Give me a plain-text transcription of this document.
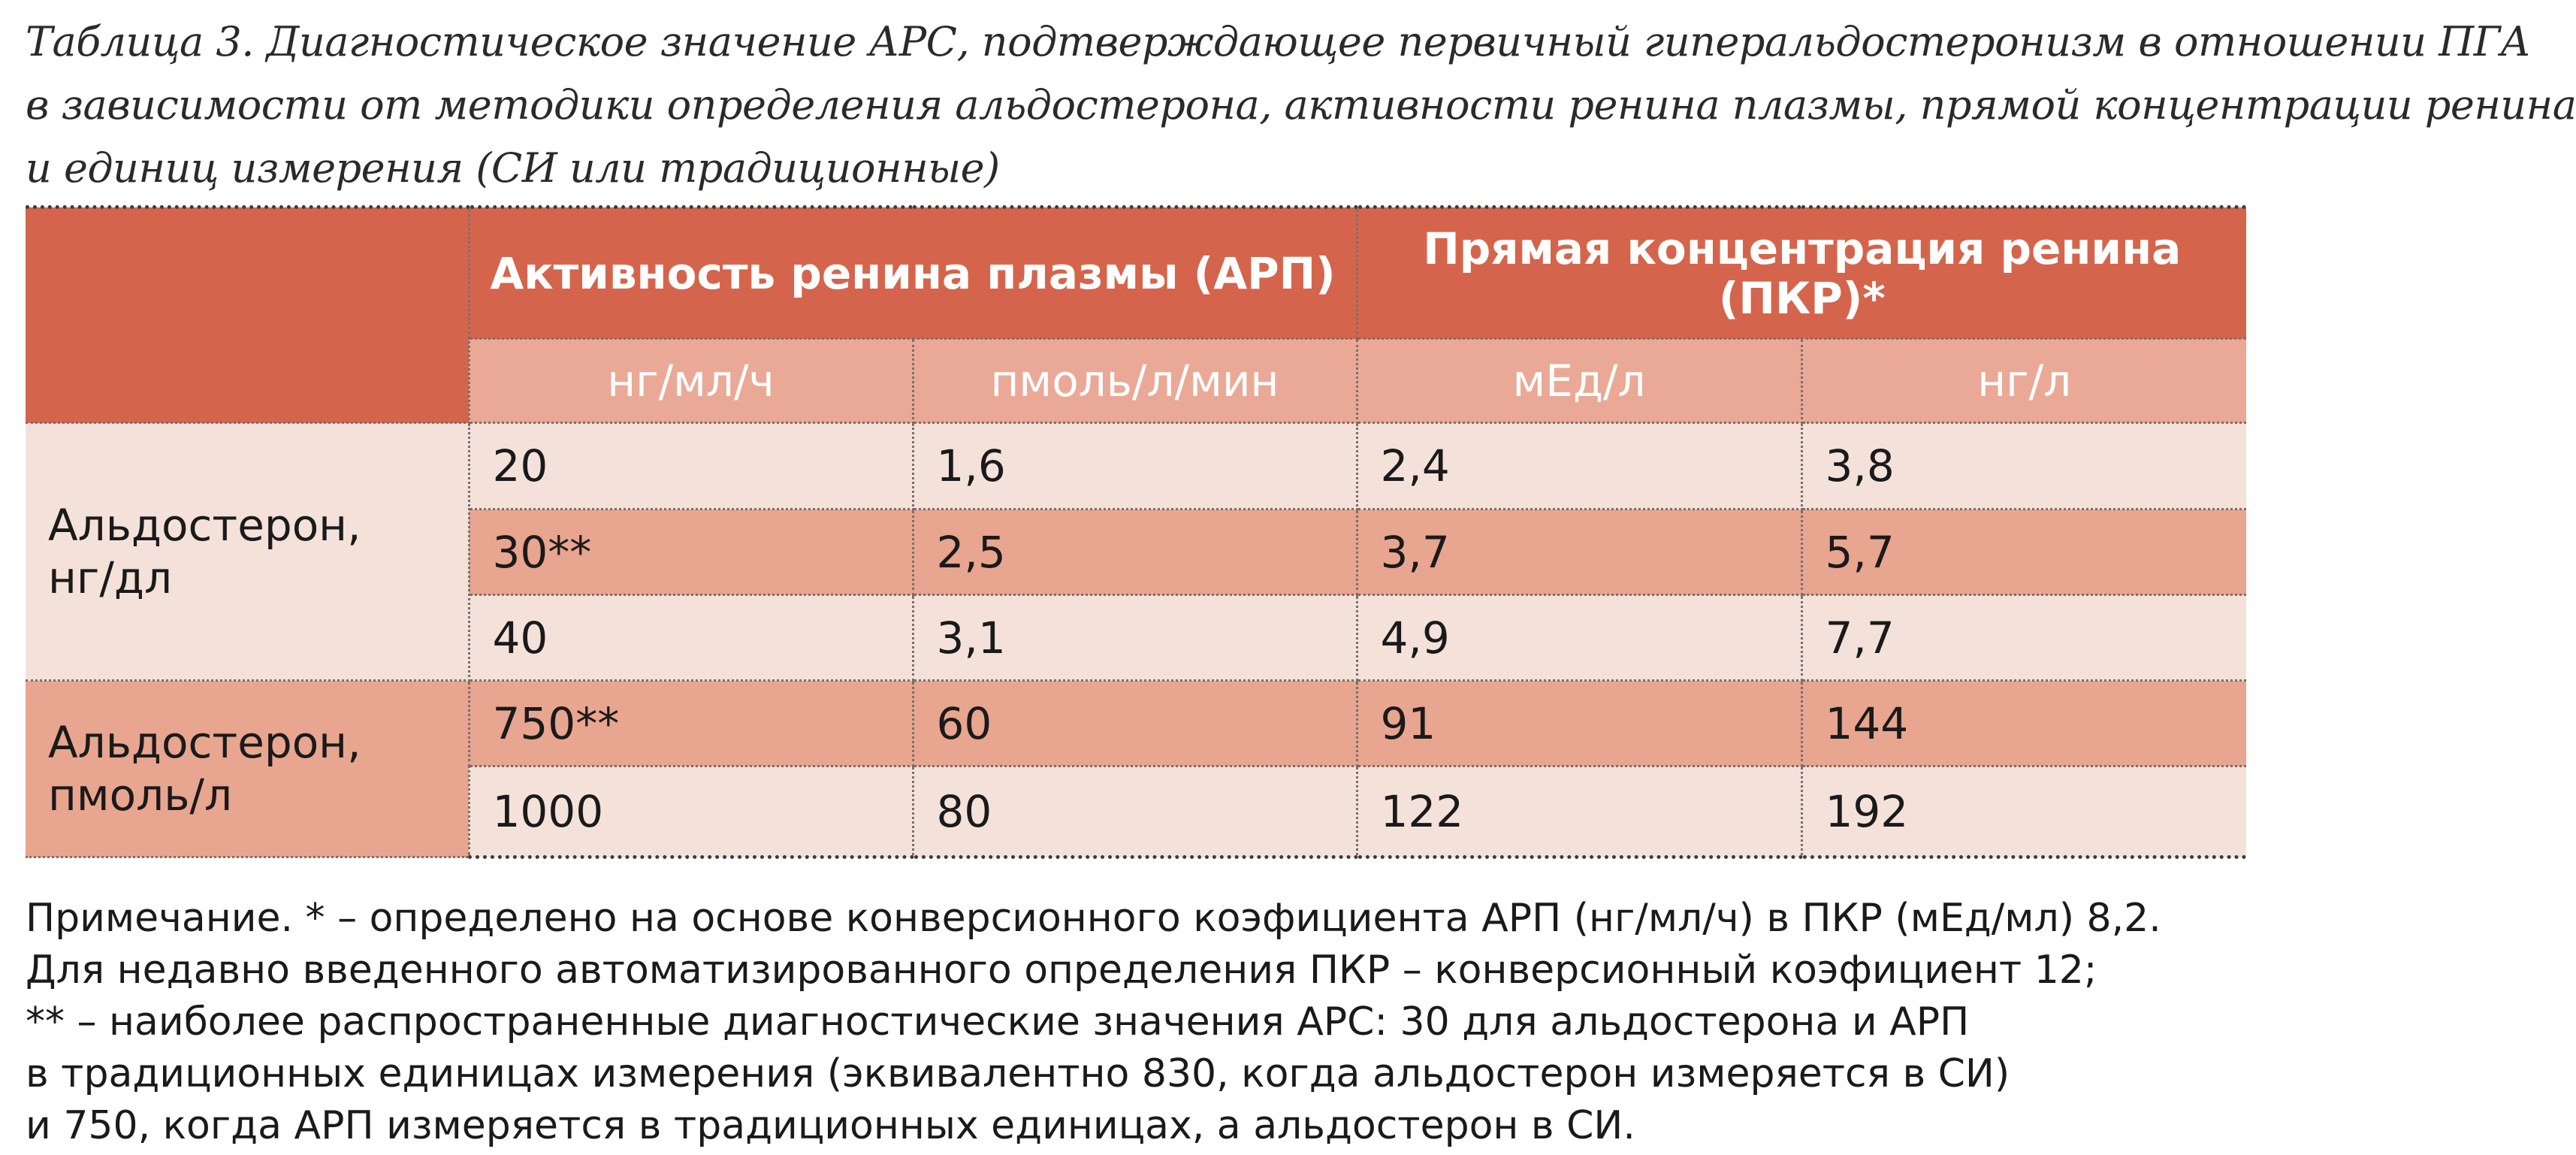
Таблица 3. Диагностическое значение АРС, подтверждающее первичный гиперальдостеронизм в отношении ПГА
в зависимости от методики определения альдостерона, активности ренина плазмы, прямой концентрации ренина
и единиц измерения (СИ или традиционные)
	Активность ренина плазмы (АРП)		Прямая концентрация ренина
(ПКР)*	
	нг/мл/ч	пмоль/л/мин	мЕд/л	нг/л
Альдостерон,
нг/дл	20	1,6	2,4	3,8
	30**	2,5	3,7	5,7
	40	3,1	4,9	7,7
Альдостерон,
пмоль/л	750**	60	91	144
	1000	80	122	192
Примечание. * – определено на основе конверсионного коэфициента АРП (нг/мл/ч) в ПКР (мЕд/мл) 8,2.
Для недавно введенного автоматизированного определения ПКР – конверсионный коэфициент 12;
** – наиболее распространенные диагностические значения АРС: 30 для альдостерона и АРП
в традиционных единицах измерения (эквивалентно 830, когда альдостерон измеряется в СИ)
и 750, когда АРП измеряется в традиционных единицах, а альдостерон в СИ.
